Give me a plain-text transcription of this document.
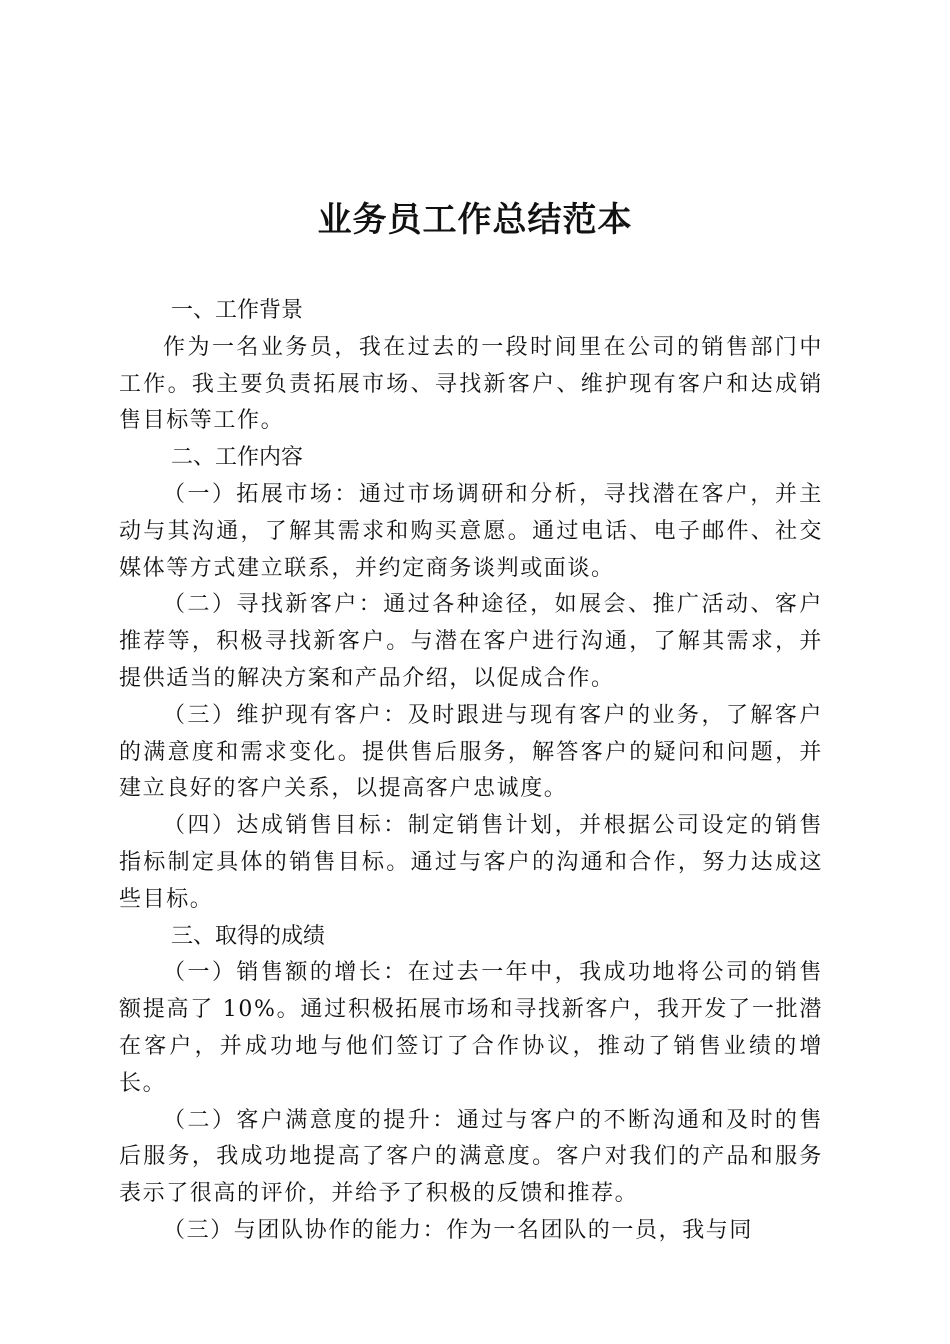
业务员工作总结范本

一、工作背景

作为一名业务员，我在过去的一段时间里在公司的销售部门中工作。我主要负责拓展市场、寻找新客户、维护现有客户和达成销售目标等工作。

二、工作内容

（一）拓展市场：通过市场调研和分析，寻找潜在客户，并主动与其沟通，了解其需求和购买意愿。通过电话、电子邮件、社交媒体等方式建立联系，并约定商务谈判或面谈。

（二）寻找新客户：通过各种途径，如展会、推广活动、客户推荐等，积极寻找新客户。与潜在客户进行沟通，了解其需求，并提供适当的解决方案和产品介绍，以促成合作。

（三）维护现有客户：及时跟进与现有客户的业务，了解客户的满意度和需求变化。提供售后服务，解答客户的疑问和问题，并建立良好的客户关系，以提高客户忠诚度。

（四）达成销售目标：制定销售计划，并根据公司设定的销售指标制定具体的销售目标。通过与客户的沟通和合作，努力达成这些目标。

三、取得的成绩

（一）销售额的增长：在过去一年中，我成功地将公司的销售额提高了 10%。通过积极拓展市场和寻找新客户，我开发了一批潜在客户，并成功地与他们签订了合作协议，推动了销售业绩的增长。

（二）客户满意度的提升：通过与客户的不断沟通和及时的售后服务，我成功地提高了客户的满意度。客户对我们的产品和服务表示了很高的评价，并给予了积极的反馈和推荐。

（三）与团队协作的能力：作为一名团队的一员，我与同
